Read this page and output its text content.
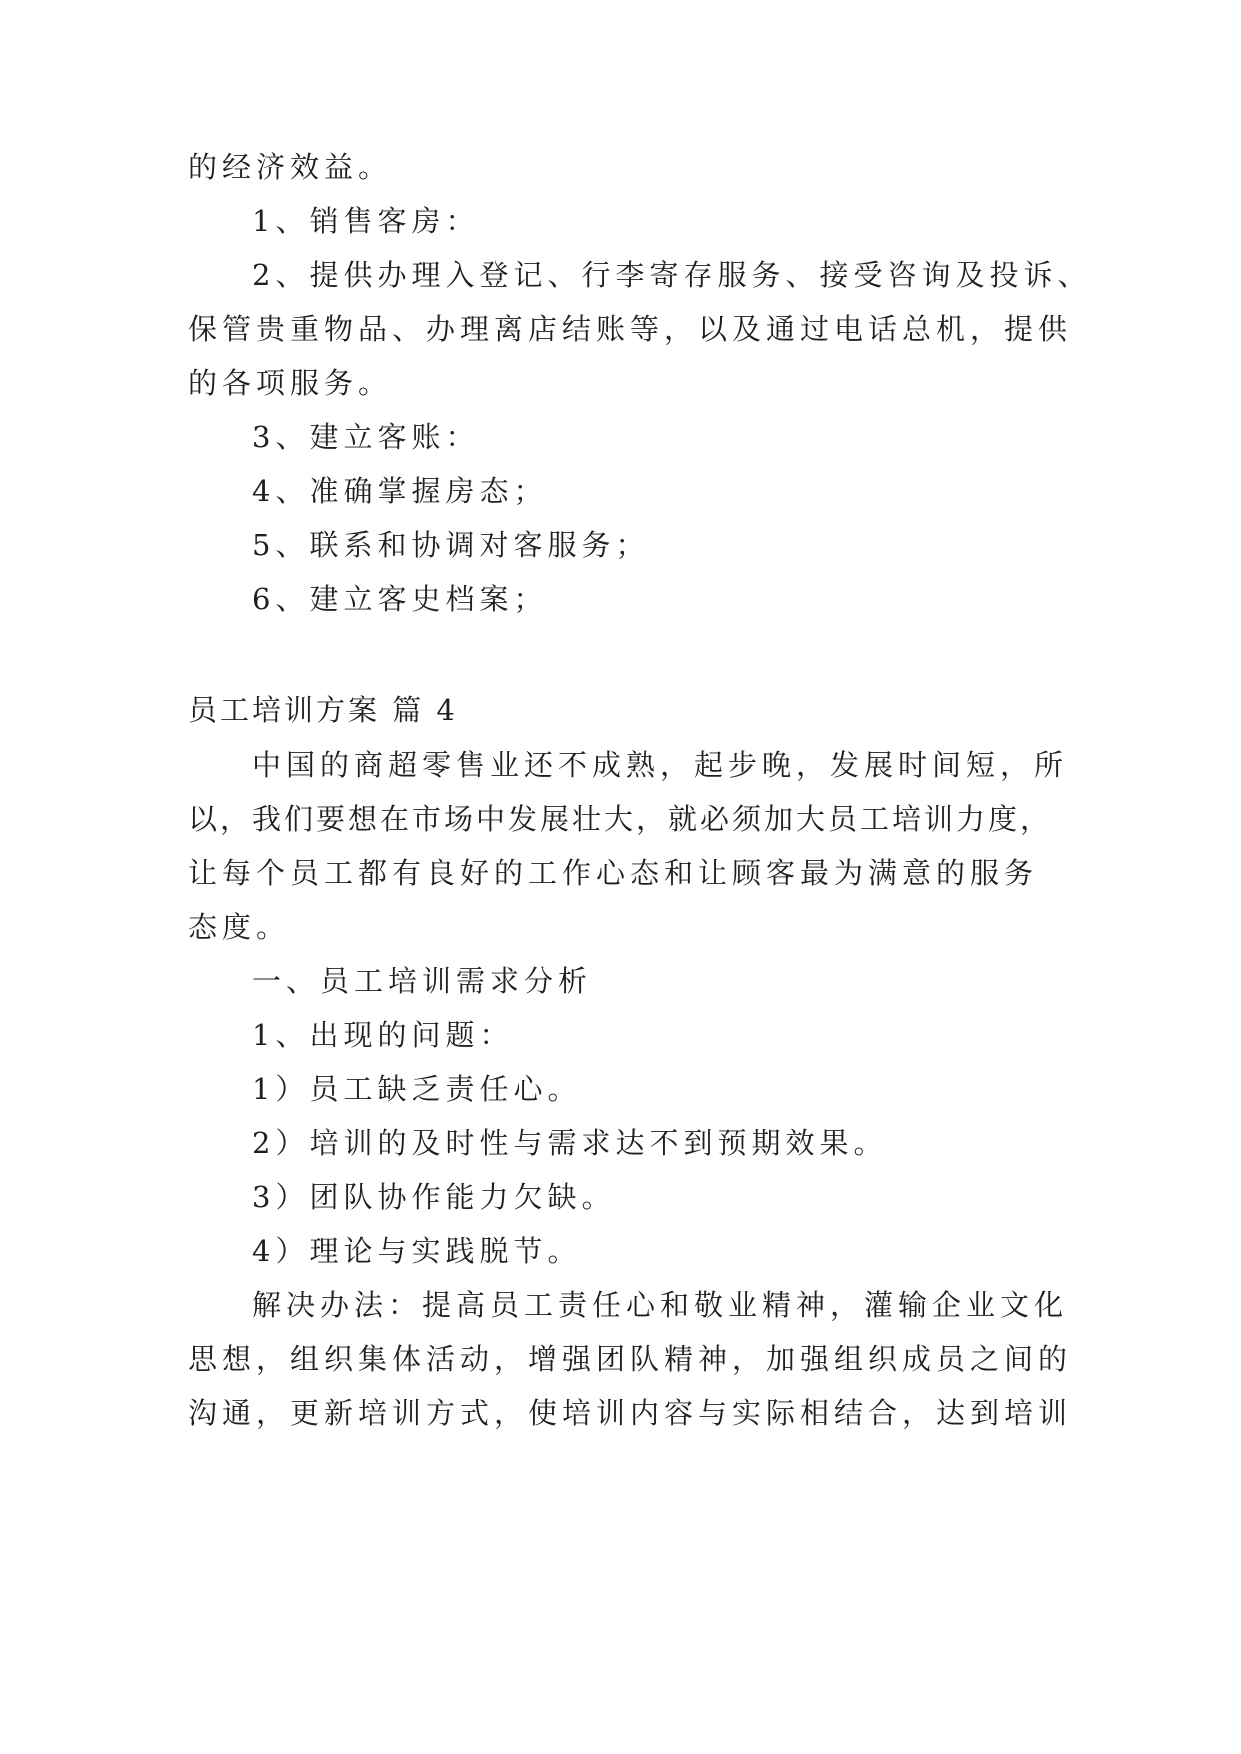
的经济效益。
1、销售客房：
2、提供办理入登记、行李寄存服务、接受咨询及投诉、
保管贵重物品、办理离店结账等，以及通过电话总机，提供
的各项服务。
3、建立客账：
4、准确掌握房态；
5、联系和协调对客服务；
6、建立客史档案；
员工培训方案 篇 4
中国的商超零售业还不成熟，起步晚，发展时间短，所
以，我们要想在市场中发展壮大，就必须加大员工培训力度，
让每个员工都有良好的工作心态和让顾客最为满意的服务
态度。
一、员工培训需求分析
1、出现的问题：
1）员工缺乏责任心。
2）培训的及时性与需求达不到预期效果。
3）团队协作能力欠缺。
4）理论与实践脱节。
解决办法：提高员工责任心和敬业精神，灌输企业文化
思想，组织集体活动，增强团队精神，加强组织成员之间的
沟通，更新培训方式，使培训内容与实际相结合，达到培训
